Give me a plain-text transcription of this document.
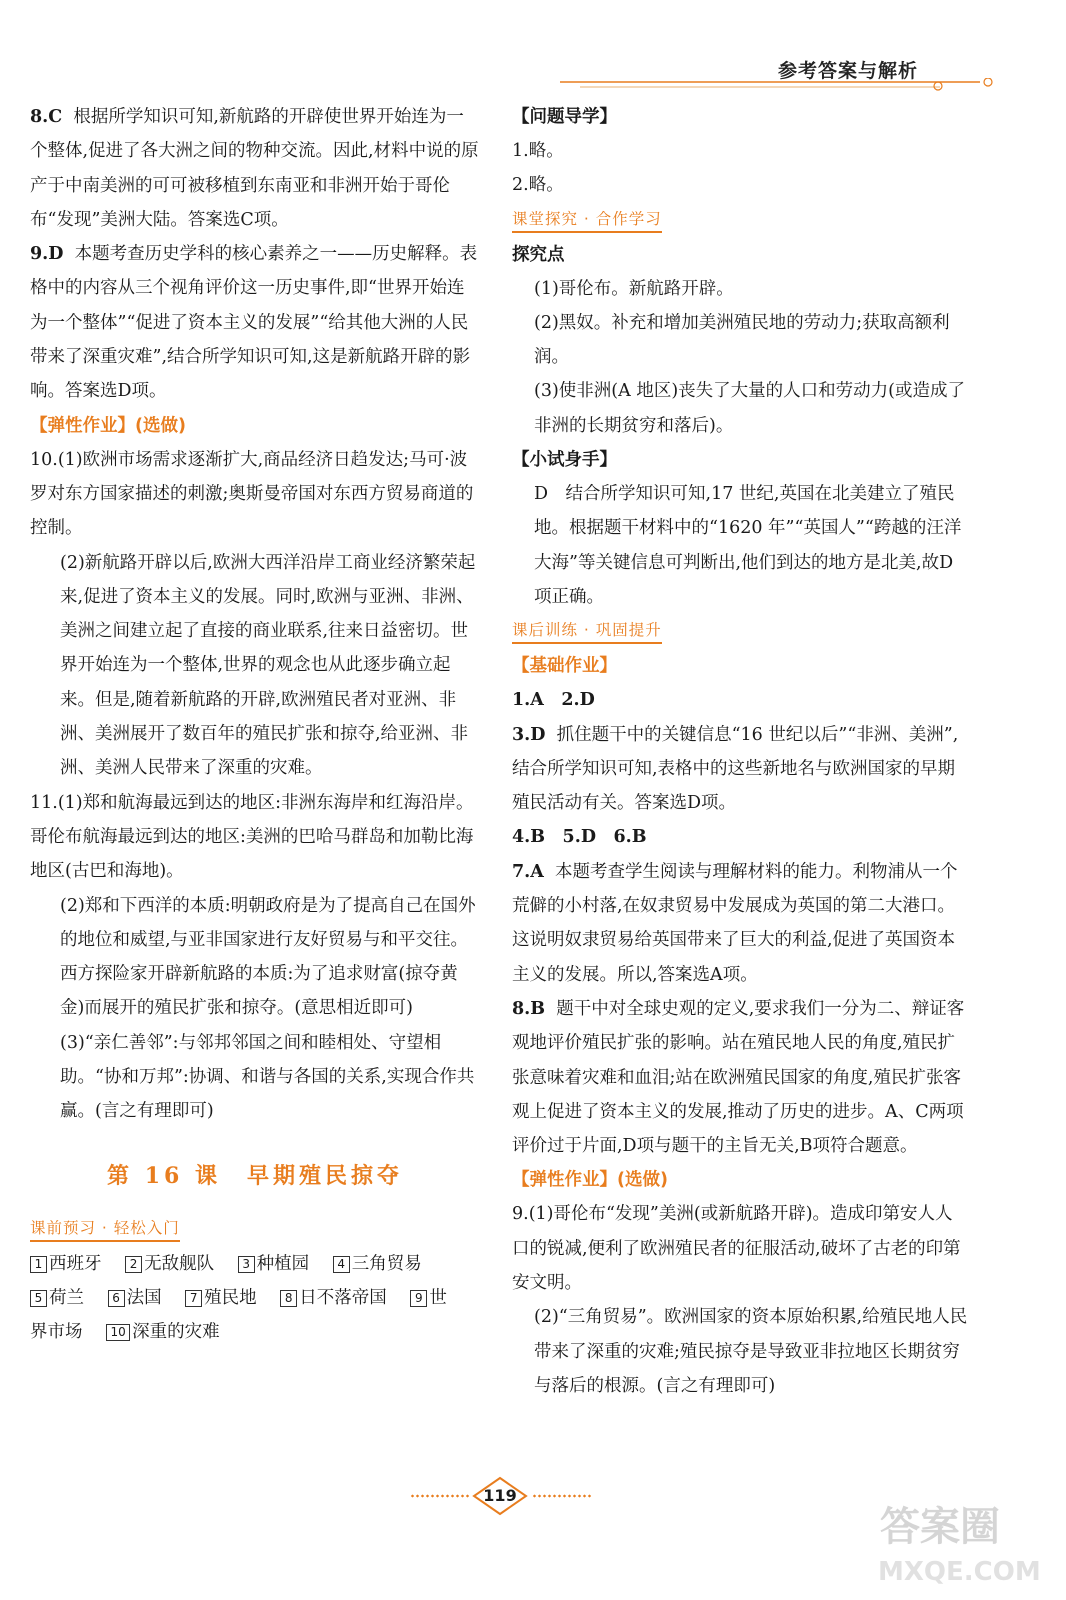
参考答案与解析

8.C 根据所学知识可知,新航路的开辟使世界开始连为一个整体,促进了各大洲之间的物种交流。因此,材料中说的原产于中南美洲的可可被移植到东南亚和非洲开始于哥伦布“发现”美洲大陆。答案选C项。

9.D 本题考查历史学科的核心素养之一——历史解释。表格中的内容从三个视角评价这一历史事件,即“世界开始连为一个整体”“促进了资本主义的发展”“给其他大洲的人民带来了深重灾难”,结合所学知识可知,这是新航路开辟的影响。答案选D项。

【弹性作业】(选做)

10.(1)欧洲市场需求逐渐扩大,商品经济日趋发达;马可·波罗对东方国家描述的刺激;奥斯曼帝国对东西方贸易商道的控制。

(2)新航路开辟以后,欧洲大西洋沿岸工商业经济繁荣起来,促进了资本主义的发展。同时,欧洲与亚洲、非洲、美洲之间建立起了直接的商业联系,往来日益密切。世界开始连为一个整体,世界的观念也从此逐步确立起来。但是,随着新航路的开辟,欧洲殖民者对亚洲、非洲、美洲展开了数百年的殖民扩张和掠夺,给亚洲、非洲、美洲人民带来了深重的灾难。

11.(1)郑和航海最远到达的地区:非洲东海岸和红海沿岸。哥伦布航海最远到达的地区:美洲的巴哈马群岛和加勒比海地区(古巴和海地)。

(2)郑和下西洋的本质:明朝政府是为了提高自己在国外的地位和威望,与亚非国家进行友好贸易与和平交往。西方探险家开辟新航路的本质:为了追求财富(掠夺黄金)而展开的殖民扩张和掠夺。(意思相近即可)

(3)“亲仁善邻”:与邻邦邻国之间和睦相处、守望相助。“协和万邦”:协调、和谐与各国的关系,实现合作共赢。(言之有理即可)

第 16 课　早期殖民掠夺
课前预习 · 轻松入门

1 西班牙 2 无敌舰队 3 种植园 4 三角贸易

5 荷兰 6 法国 7 殖民地 8 日不落帝国 9 世

界市场 10 深重的灾难

【问题导学】

1.略。

2.略。

课堂探究 · 合作学习

探究点

(1)哥伦布。新航路开辟。

(2)黑奴。补充和增加美洲殖民地的劳动力;获取高额利润。

(3)使非洲(A 地区)丧失了大量的人口和劳动力(或造成了非洲的长期贫穷和落后)。

【小试身手】

D　结合所学知识可知,17 世纪,英国在北美建立了殖民地。根据题干材料中的“1620 年”“英国人”“跨越的汪洋大海”等关键信息可判断出,他们到达的地方是北美,故D项正确。

课后训练 · 巩固提升

【基础作业】

1.A　2.D

3.D 抓住题干中的关键信息“16 世纪以后”“非洲、美洲”,结合所学知识可知,表格中的这些新地名与欧洲国家的早期殖民活动有关。答案选D项。

4.B　5.D　6.B

7.A 本题考查学生阅读与理解材料的能力。利物浦从一个荒僻的小村落,在奴隶贸易中发展成为英国的第二大港口。这说明奴隶贸易给英国带来了巨大的利益,促进了英国资本主义的发展。所以,答案选A项。

8.B 题干中对全球史观的定义,要求我们一分为二、辩证客观地评价殖民扩张的影响。站在殖民地人民的角度,殖民扩张意味着灾难和血泪;站在欧洲殖民国家的角度,殖民扩张客观上促进了资本主义的发展,推动了历史的进步。A、C两项评价过于片面,D项与题干的主旨无关,B项符合题意。

【弹性作业】(选做)

9.(1)哥伦布“发现”美洲(或新航路开辟)。造成印第安人人口的锐减,便利了欧洲殖民者的征服活动,破坏了古老的印第安文明。

(2)“三角贸易”。欧洲国家的资本原始积累,给殖民地人民带来了深重的灾难;殖民掠夺是导致亚非拉地区长期贫穷与落后的根源。(言之有理即可)

119
答案圈
MXQE.COM
